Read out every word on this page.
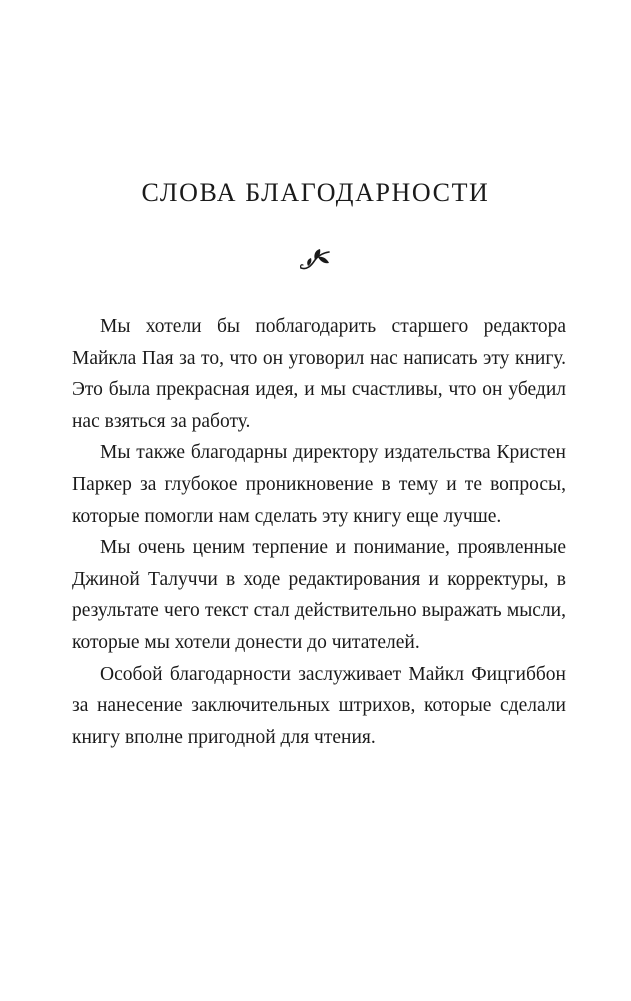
СЛОВА БЛАГОДАРНОСТИ

Мы хотели бы поблагодарить старшего редактора Майкла Пая за то, что он уговорил нас написать эту книгу. Это была прекрасная идея, и мы счастливы, что он убедил нас взяться за работу.

Мы также благодарны директору издательства Кристен Паркер за глубокое проникновение в тему и те вопросы, которые помогли нам сделать эту книгу еще лучше.

Мы очень ценим терпение и понимание, проявленные Джиной Талуччи в ходе редактирования и корректуры, в результате чего текст стал действительно выражать мысли, которые мы хотели донести до читателей.

Особой благодарности заслуживает Майкл Фицгиббон за нанесение заключительных штрихов, которые сделали книгу вполне пригодной для чтения.
